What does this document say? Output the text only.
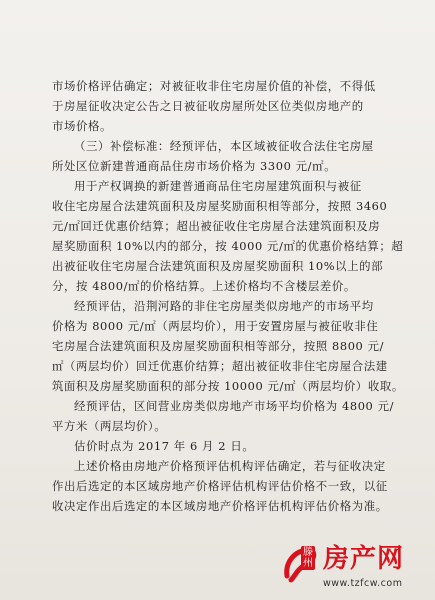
市场价格评估确定；对被征收非住宅房屋价值的补偿，不得低
于房屋征收决定公告之日被征收房屋所处区位类似房地产的
市场价格。

（三）补偿标准：经预评估，本区域被征收合法住宅房屋
所处区位新建普通商品住房市场价格为 3300 元/㎡。

用于产权调换的新建普通商品住宅房屋建筑面积与被征
收住宅房屋合法建筑面积及房屋奖励面积相等部分，按照 3460
元/㎡回迁优惠价结算；超出被征收住宅房屋合法建筑面积及房
屋奖励面积 10%以内的部分，按 4000 元/㎡的优惠价格结算；超
出被征收住宅房屋合法建筑面积及房屋奖励面积 10%以上的部
分，按 4800/㎡的价格结算。上述价格均不含楼层差价。

经预评估，沿荆河路的非住宅房屋类似房地产的市场平均
价格为 8000 元/㎡（两层均价），用于安置房屋与被征收非住
宅房屋合法建筑面积及房屋奖励面积相等部分，按照 8800 元/
㎡（两层均价）回迁优惠价结算；超出被征收非住宅房屋合法建
筑面积及房屋奖励面积的部分按 10000 元/㎡（两层均价）收取。

经预评估，区间营业房类似房地产市场平均价格为 4800 元/
平方米（两层均价）。

估价时点为 2017 年 6 月 2 日。

上述价格由房地产价格预评估机构评估确定，若与征收决定
作出后选定的本区域房地产价格评估机构评估价格不一致，以征
收决定作出后选定的本区域房地产价格评估机构评估价格为准。

滕州 房产网
www.tzfcw.com
